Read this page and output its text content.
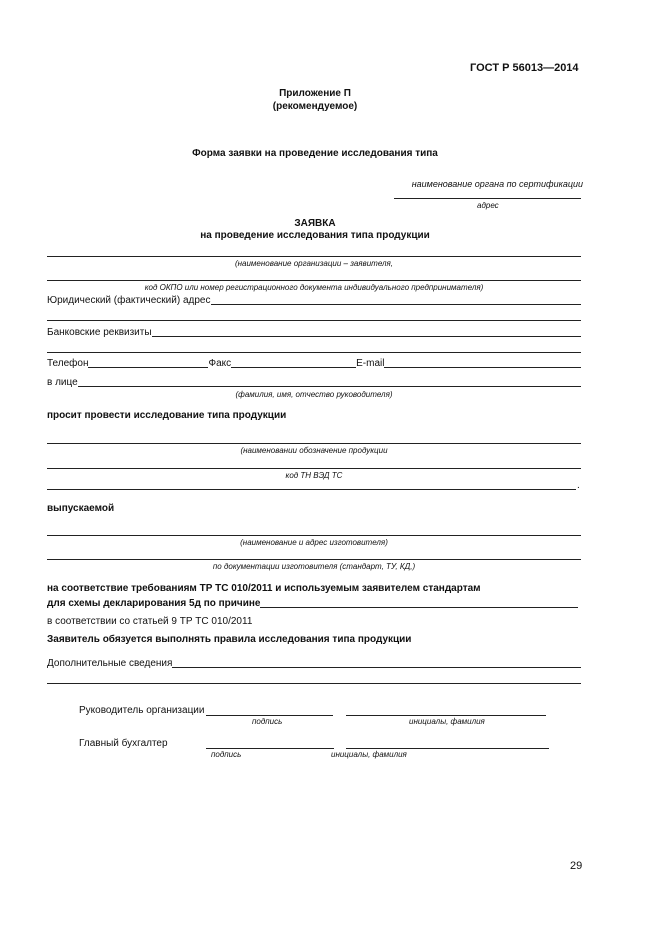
ГОСТ Р 56013—2014
Приложение П
(рекомендуемое)
Форма заявки на проведение исследования типа
наименование органа по сертификации
адрес
ЗАЯВКА
на проведение исследования типа продукции
(наименование организации – заявителя,
код ОКПО или номер регистрационного документа индивидуального предпринимателя)
Юридический (фактический) адрес
Банковские реквизиты
Телефон	Факс	E-mail
в лице
(фамилия, имя, отчество руководителя)
просит провести исследование типа продукции
(наименовании обозначение продукции
код ТН ВЭД ТС
.
выпускаемой
(наименование и адрес изготовителя)
по документации изготовителя (стандарт, ТУ, КД,)
на соответствие требованиям ТР ТС 010/2011 и используемым заявителем стандартам
для схемы декларирования 5д по причине
в соответствии со статьей 9 ТР ТС 010/2011
Заявитель обязуется выполнять правила исследования типа продукции
Дополнительные сведения
Руководитель организации
подпись	инициалы, фамилия
Главный бухгалтер
подпись	инициалы, фамилия
29
